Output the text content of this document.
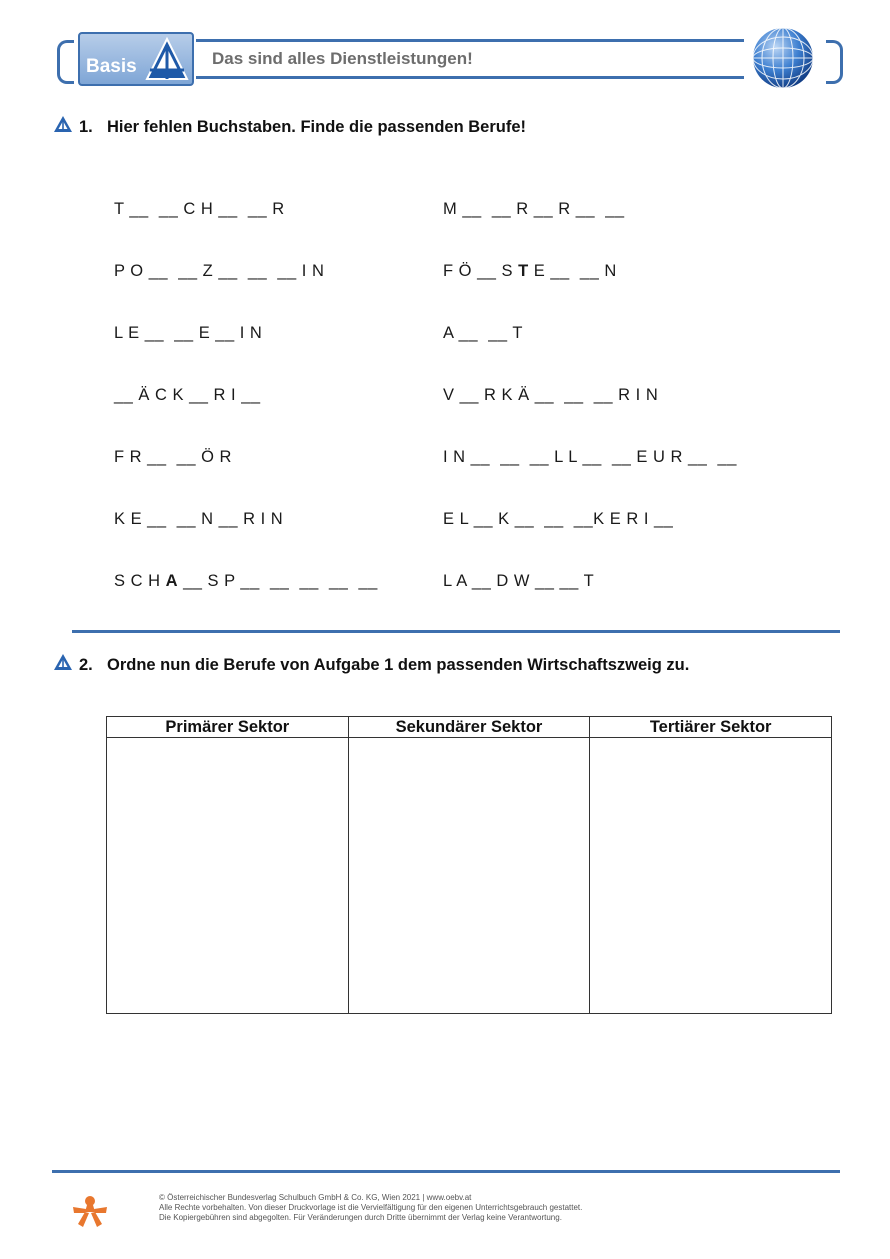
Basis	Das sind alles Dienstleistungen!
1. Hier fehlen Buchstaben. Finde die passenden Berufe!
T __  __ C H __  __ R
P O __  __ Z __  __  __ I N
L E __  __ E __ I N
__ Ä C K __ R I __
F R __  __ Ö R
K E __  __ N __ R I N
S C H A __ S P __  __  __  __  __
M __  __ R __ R __  __
F Ö __ S T E __  __ N
A __  __ T
V __ R K Ä __  __  __ R I N
I N __  __  __ L L __  __ E U R __  __
E L __ K __  __  __K E R I __
L A __ D W __ __ T
2. Ordne nun die Berufe von Aufgabe 1 dem passenden Wirtschaftszweig zu.
Primärer Sektor	Sekundärer Sektor	Tertiärer Sektor

© Österreichischer Bundesverlag Schulbuch GmbH & Co. KG, Wien 2021 | www.oebv.at
Alle Rechte vorbehalten. Von dieser Druckvorlage ist die Vervielfältigung für den eigenen Unterrichtsgebrauch gestattet.
Die Kopiergebühren sind abgegolten. Für Veränderungen durch Dritte übernimmt der Verlag keine Verantwortung.
